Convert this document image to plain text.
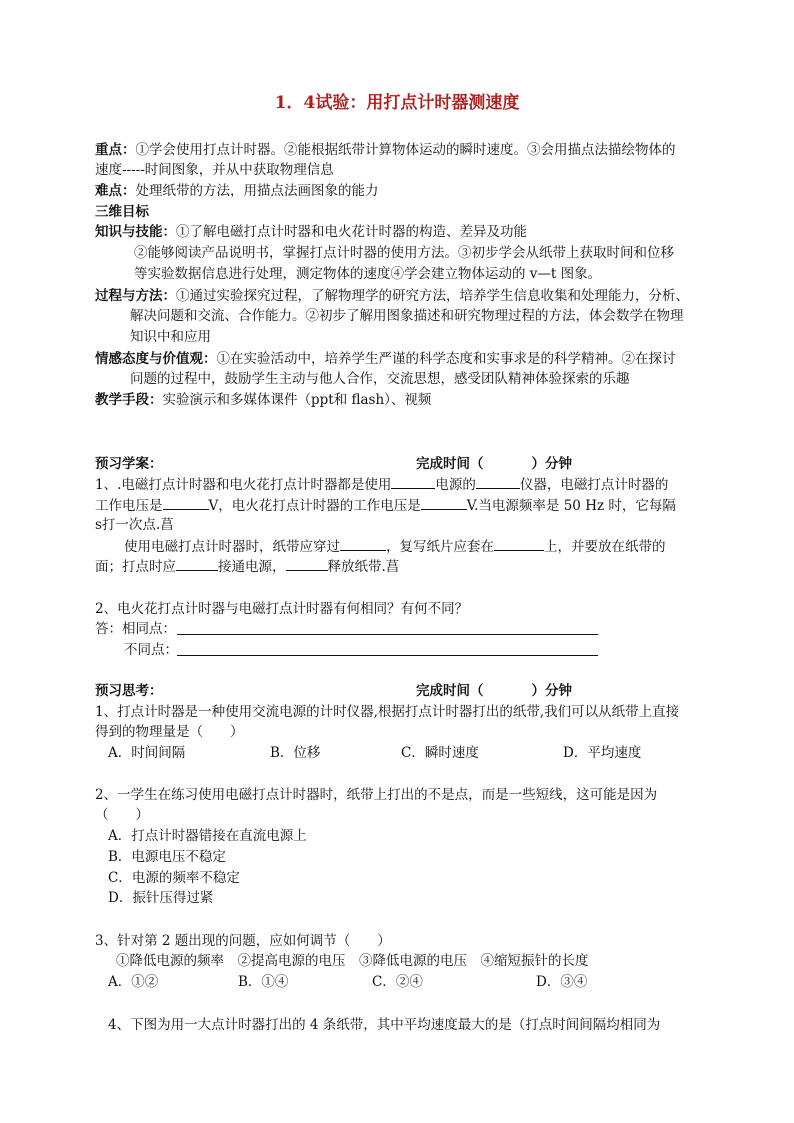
1．4试验：用打点计时器测速度
重点：①学会使用打点计时器。②能根据纸带计算物体运动的瞬时速度。③会用描点法描绘物体的
速度-----时间图象，并从中获取物理信息
难点：处理纸带的方法，用描点法画图象的能力
三维目标
知识与技能：①了解电磁打点计时器和电火花计时器的构造、差异及功能
②能够阅读产品说明书，掌握打点计时器的使用方法。③初步学会从纸带上获取时间和位移
等实验数据信息进行处理，测定物体的速度④学会建立物体运动的 v—t 图象。
过程与方法：①通过实验探究过程，了解物理学的研究方法，培养学生信息收集和处理能力，分析、
解决问题和交流、合作能力。②初步了解用图象描述和研究物理过程的方法，体会数学在物理
知识中和应用
情感态度与价值观：①在实验活动中，培养学生严谨的科学态度和实事求是的科学精神。②在探讨
问题的过程中，鼓励学生主动与他人合作，交流思想，感受团队精神体验探索的乐趣
教学手段：实验演示和多媒体课件（ppt和 flash）、视频
预习学案：	完成时间（	）分钟
1、.电磁打点计时器和电火花打点计时器都是使用	电源的	仪器，电磁打点计时器的
工作电压是	V，电火花打点计时器的工作电压是	V.当电源频率是 50 Hz 时，它每隔
s打一次点.菖
使用电磁打点计时器时，纸带应穿过	，复写纸片应套在	上，并要放在纸带的
面；打点时应	接通电源，	释放纸带.菖
2、电火花打点计时器与电磁打点计时器有何相同？有何不同？
答：相同点：
不同点：
预习思考：	完成时间（	）分钟
1、打点计时器是一种使用交流电源的计时仪器,根据打点计时器打出的纸带,我们可以从纸带上直接
得到的物理量是（　　）
A．时间间隔	B．位移	C．瞬时速度	D．平均速度
2、一学生在练习使用电磁打点计时器时，纸带上打出的不是点，而是一些短线，这可能是因为
（　　）
A．打点计时器错接在直流电源上
B．电源电压不稳定
C．电源的频率不稳定
D．振针压得过紧
3、针对第 2 题出现的问题，应如何调节（　　）
①降低电源的频率　②提高电源的电压　③降低电源的电压　④缩短振针的长度
A．①②	B．①④	C．②④	D．③④
4、下图为用一大点计时器打出的 4 条纸带，其中平均速度最大的是（打点时间间隔均相同为
